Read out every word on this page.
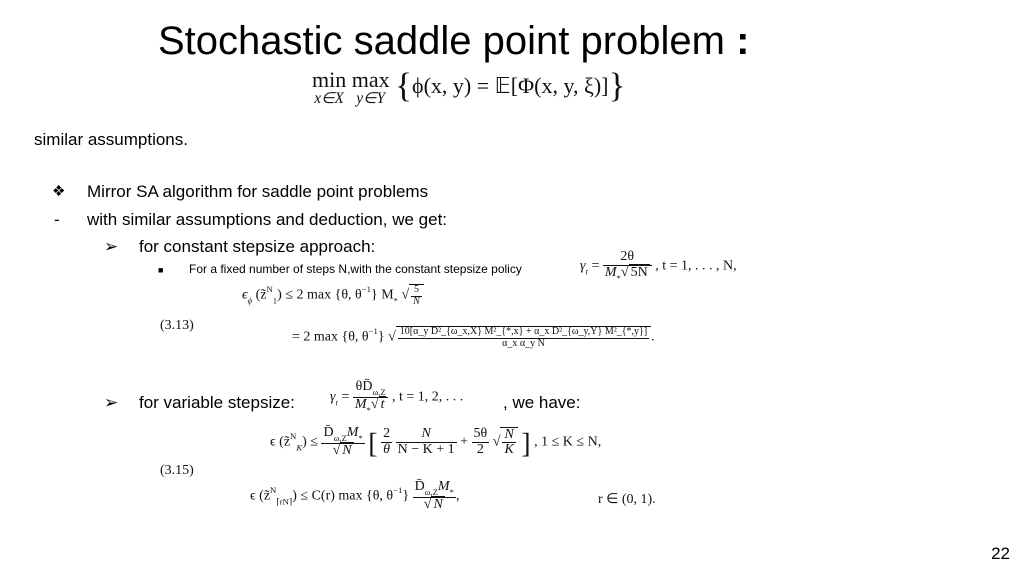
Stochastic saddle point problem :
min
x∈X
max
y∈Y {ϕ(x, y) = 𝔼[Φ(x, y, ξ)]}
similar assumptions.
❖ Mirror SA algorithm for saddle point problems
- with similar assumptions and deduction, we get:
➢ for constant stepsize approach:
■ For a fixed number of steps N,with the constant stepsize policy	$\gamma_t = \frac{2\theta}{M_*√ 5N}$ , t = 1, . . . , N,
$\epsilon_\phi$ (z̃$^N_1$) ≤ 2 max {θ, $\theta^{-1}$} $M_*$ √ $\frac{5}{N}$
(3.13)
= 2 max {θ, $\theta^{-1}$} √ $\frac{\text{10[α\_y D²\_\{ω\_x,X\} M²\_\{*,x\} + α\_x D²\_\{ω\_y,Y\} M²\_\{*,y\}]}}{\text{α\_x α\_y N}}$ .
➢ for variable stepsize:	$\gamma_t = \frac{\theta D̄_{\omega,Z}}{M_*√ t}$ , t = 1, 2, . . . , we have:
ϵ (z̃$^N_K$) ≤ $\frac{D̄_{\omega,Z}M_*}{√ N}$ [ $\frac{2}{\theta}$
$\frac{N}{N - K + 1} + \frac{5\theta}{2}$ √ $\frac{N}{K}$ ] , 1 ≤ K ≤ N,
(3.15)
ϵ (z̃$^N_{⌈rN⌉}$) ≤ C(r) max {θ, $\theta^{-1}\} \frac{D̄_{\omega,Z}M_*}{√ N}$ ,	r ∈ (0, 1).
22
